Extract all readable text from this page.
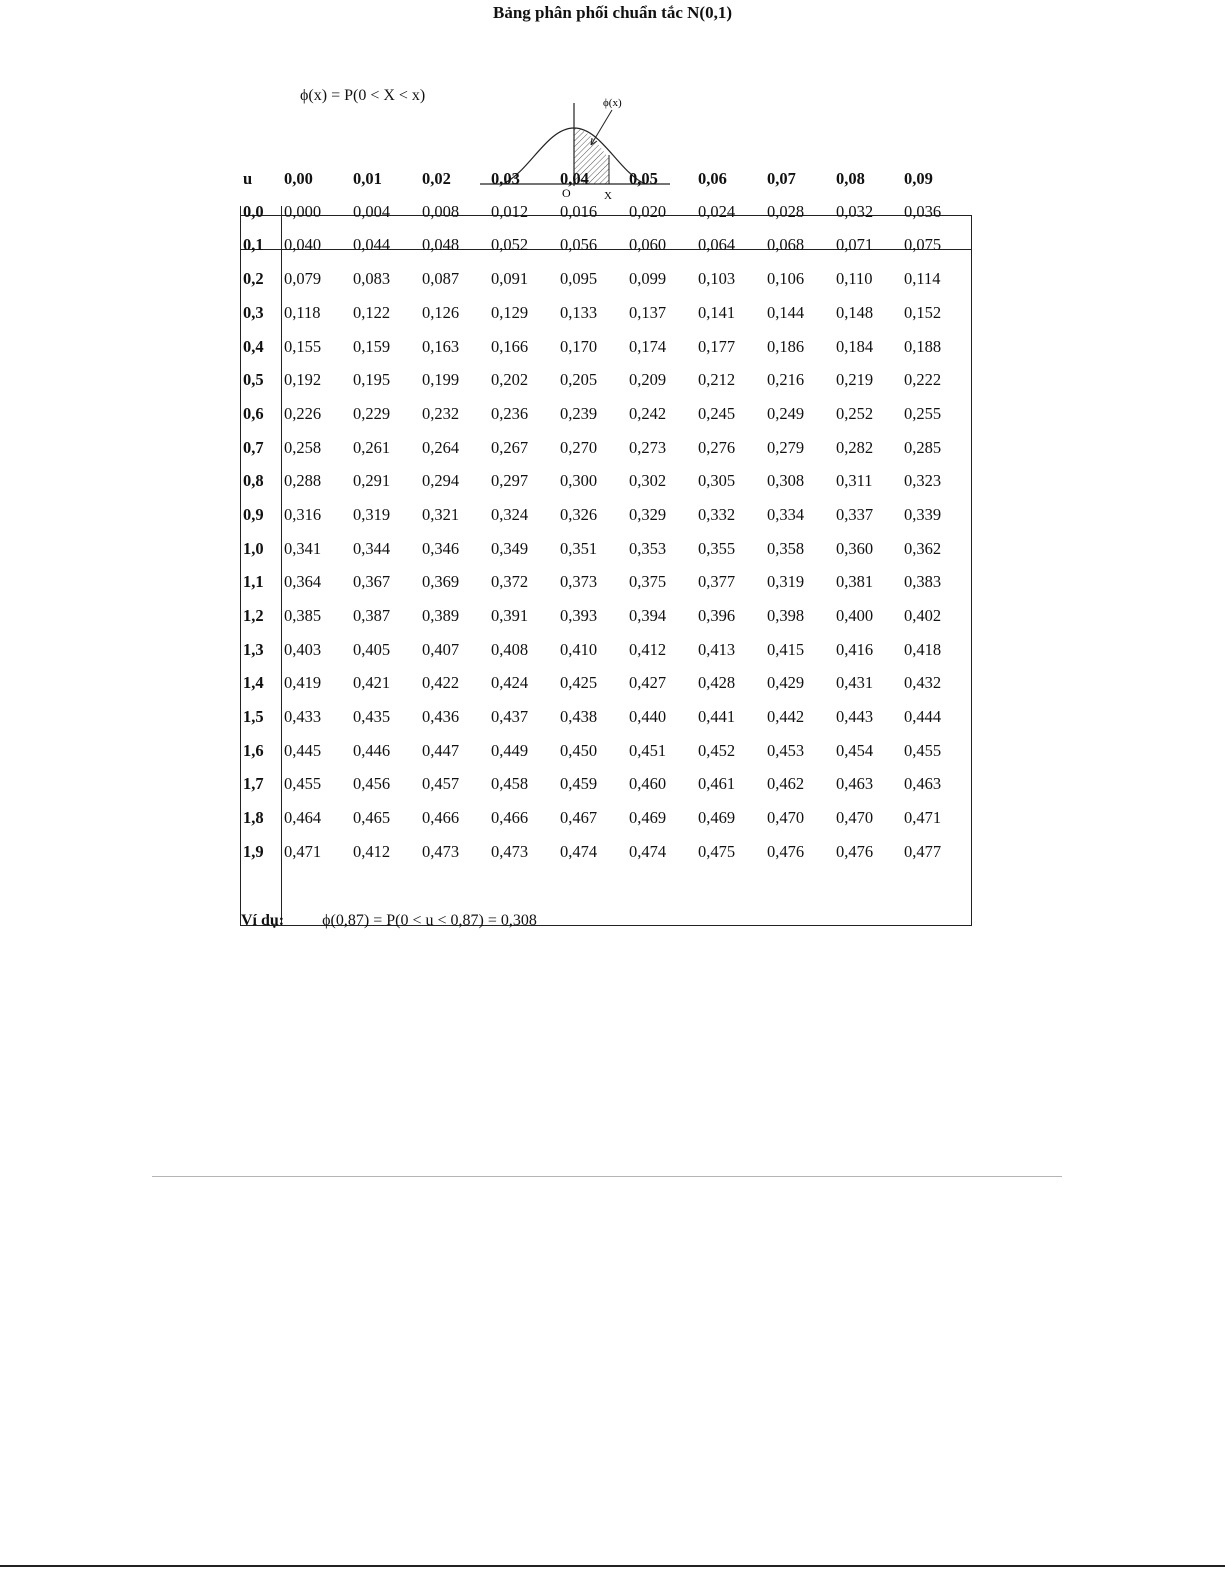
Bảng phân phối chuẩn tắc N(0,1)
ϕ(x) = P(0 < X < x)	ϕ(x)
O	X
u 0,00 0,01 0,02 0,03 0,04 0,05 0,06 0,07 0,08 0,09
0,0 0,000 0,004 0,008 0,012 0,016 0,020 0,024 0,028 0,032 0,036
0,1 0,040 0,044 0,048 0,052 0,056 0,060 0,064 0,068 0,071 0,075
0,2 0,079 0,083 0,087 0,091 0,095 0,099 0,103 0,106 0,110 0,114
0,3 0,118 0,122 0,126 0,129 0,133 0,137 0,141 0,144 0,148 0,152
0,4 0,155 0,159 0,163 0,166 0,170 0,174 0,177 0,186 0,184 0,188
0,5 0,192 0,195 0,199 0,202 0,205 0,209 0,212 0,216 0,219 0,222
0,6 0,226 0,229 0,232 0,236 0,239 0,242 0,245 0,249 0,252 0,255
0,7 0,258 0,261 0,264 0,267 0,270 0,273 0,276 0,279 0,282 0,285
0,8 0,288 0,291 0,294 0,297 0,300 0,302 0,305 0,308 0,311 0,323
0,9 0,316 0,319 0,321 0,324 0,326 0,329 0,332 0,334 0,337 0,339
1,0 0,341 0,344 0,346 0,349 0,351 0,353 0,355 0,358 0,360 0,362
1,1 0,364 0,367 0,369 0,372 0,373 0,375 0,377 0,319 0,381 0,383
1,2 0,385 0,387 0,389 0,391 0,393 0,394 0,396 0,398 0,400 0,402
1,3 0,403 0,405 0,407 0,408 0,410 0,412 0,413 0,415 0,416 0,418
1,4 0,419 0,421 0,422 0,424 0,425 0,427 0,428 0,429 0,431 0,432
1,5 0,433 0,435 0,436 0,437 0,438 0,440 0,441 0,442 0,443 0,444
1,6 0,445 0,446 0,447 0,449 0,450 0,451 0,452 0,453 0,454 0,455
1,7 0,455 0,456 0,457 0,458 0,459 0,460 0,461 0,462 0,463 0,463
1,8 0,464 0,465 0,466 0,466 0,467 0,469 0,469 0,470 0,470 0,471
1,9 0,471 0,412 0,473 0,473 0,474 0,474 0,475 0,476 0,476 0,477
Ví dụ: ϕ(0,87) = P(0 < u < 0,87) = 0,308
